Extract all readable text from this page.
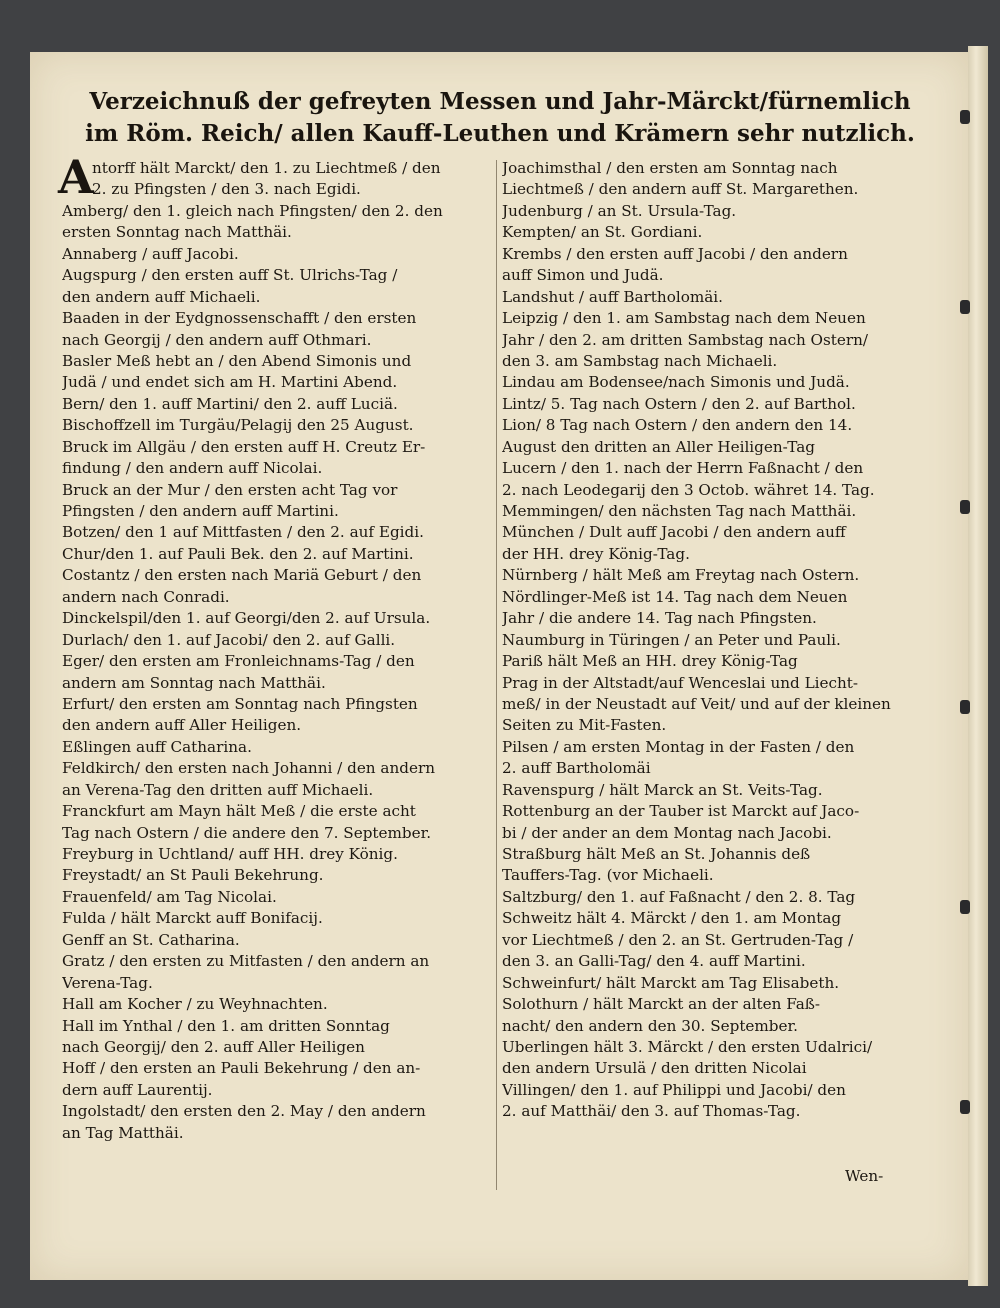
Verzeichnuß der gefreyten Messen und Jahr-Märckt/fürnemlich
im Röm. Reich/ allen Kauff-Leuthen und Krämern sehr nutzlich.
A
ntorff hält Marckt/ den 1. zu Liechtmeß / den
2. zu Pfingsten / den 3. nach Egidi.
Amberg/ den 1. gleich nach Pfingsten/ den 2. den
ersten Sonntag nach Matthäi.
Annaberg / auff Jacobi.
Augspurg / den ersten auff St. Ulrichs-Tag /
den andern auff Michaeli.
Baaden in der Eydgnossenschafft / den ersten
nach Georgij / den andern auff Othmari.
Basler Meß hebt an / den Abend Simonis und
Judä / und endet sich am H. Martini Abend.
Bern/ den 1. auff Martini/ den 2. auff Luciä.
Bischoffzell im Turgäu/Pelagij den 25 August.
Bruck im Allgäu / den ersten auff H. Creutz Er-
findung / den andern auff Nicolai.
Bruck an der Mur / den ersten acht Tag vor
Pfingsten / den andern auff Martini.
Botzen/ den 1 auf Mittfasten / den 2. auf Egidi.
Chur/den 1. auf Pauli Bek. den 2. auf Martini.
Costantz / den ersten nach Mariä Geburt / den
andern nach Conradi.
Dinckelspil/den 1. auf Georgi/den 2. auf Ursula.
Durlach/ den 1. auf Jacobi/ den 2. auf Galli.
Eger/ den ersten am Fronleichnams-Tag / den
andern am Sonntag nach Matthäi.
Erfurt/ den ersten am Sonntag nach Pfingsten
den andern auff Aller Heiligen.
Eßlingen auff Catharina.
Feldkirch/ den ersten nach Johanni / den andern
an Verena-Tag den dritten auff Michaeli.
Franckfurt am Mayn hält Meß / die erste acht
Tag nach Ostern / die andere den 7. September.
Freyburg in Uchtland/ auff HH. drey König.
Freystadt/ an St Pauli Bekehrung.
Frauenfeld/ am Tag Nicolai.
Fulda / hält Marckt auff Bonifacij.
Genff an St. Catharina.
Gratz / den ersten zu Mitfasten / den andern an
Verena-Tag.
Hall am Kocher / zu Weyhnachten.
Hall im Ynthal / den 1. am dritten Sonntag
nach Georgij/ den 2. auff Aller Heiligen
Hoff / den ersten an Pauli Bekehrung / den an-
dern auff Laurentij.
Ingolstadt/ den ersten den 2. May / den andern
an Tag Matthäi.
Joachimsthal / den ersten am Sonntag nach
Liechtmeß / den andern auff St. Margarethen.
Judenburg / an St. Ursula-Tag.
Kempten/ an St. Gordiani.
Krembs / den ersten auff Jacobi / den andern
auff Simon und Judä.
Landshut / auff Bartholomäi.
Leipzig / den 1. am Sambstag nach dem Neuen
Jahr / den 2. am dritten Sambstag nach Ostern/
den 3. am Sambstag nach Michaeli.
Lindau am Bodensee/nach Simonis und Judä.
Lintz/ 5. Tag nach Ostern / den 2. auf Barthol.
Lion/ 8 Tag nach Ostern / den andern den 14.
August den dritten an Aller Heiligen-Tag
Lucern / den 1. nach der Herrn Faßnacht / den
2. nach Leodegarij den 3 Octob. währet 14. Tag.
Memmingen/ den nächsten Tag nach Matthäi.
München / Dult auff Jacobi / den andern auff
der HH. drey König-Tag.
Nürnberg / hält Meß am Freytag nach Ostern.
Nördlinger-Meß ist 14. Tag nach dem Neuen
Jahr / die andere 14. Tag nach Pfingsten.
Naumburg in Türingen / an Peter und Pauli.
Pariß hält Meß an HH. drey König-Tag
Prag in der Altstadt/auf Wenceslai und Liecht-
meß/ in der Neustadt auf Veit/ und auf der kleinen
Seiten zu Mit-Fasten.
Pilsen / am ersten Montag in der Fasten / den
2. auff Bartholomäi
Ravenspurg / hält Marck an St. Veits-Tag.
Rottenburg an der Tauber ist Marckt auf Jaco-
bi / der ander an dem Montag nach Jacobi.
Straßburg hält Meß an St. Johannis deß
Tauffers-Tag. (vor Michaeli.
Saltzburg/ den 1. auf Faßnacht / den 2. 8. Tag
Schweitz hält 4. Märckt / den 1. am Montag
vor Liechtmeß / den 2. an St. Gertruden-Tag /
den 3. an Galli-Tag/ den 4. auff Martini.
Schweinfurt/ hält Marckt am Tag Elisabeth.
Solothurn / hält Marckt an der alten Faß-
nacht/ den andern den 30. September.
Uberlingen hält 3. Märckt / den ersten Udalrici/
den andern Ursulä / den dritten Nicolai
Villingen/ den 1. auf Philippi und Jacobi/ den
2. auf Matthäi/ den 3. auf Thomas-Tag.
Wen-
